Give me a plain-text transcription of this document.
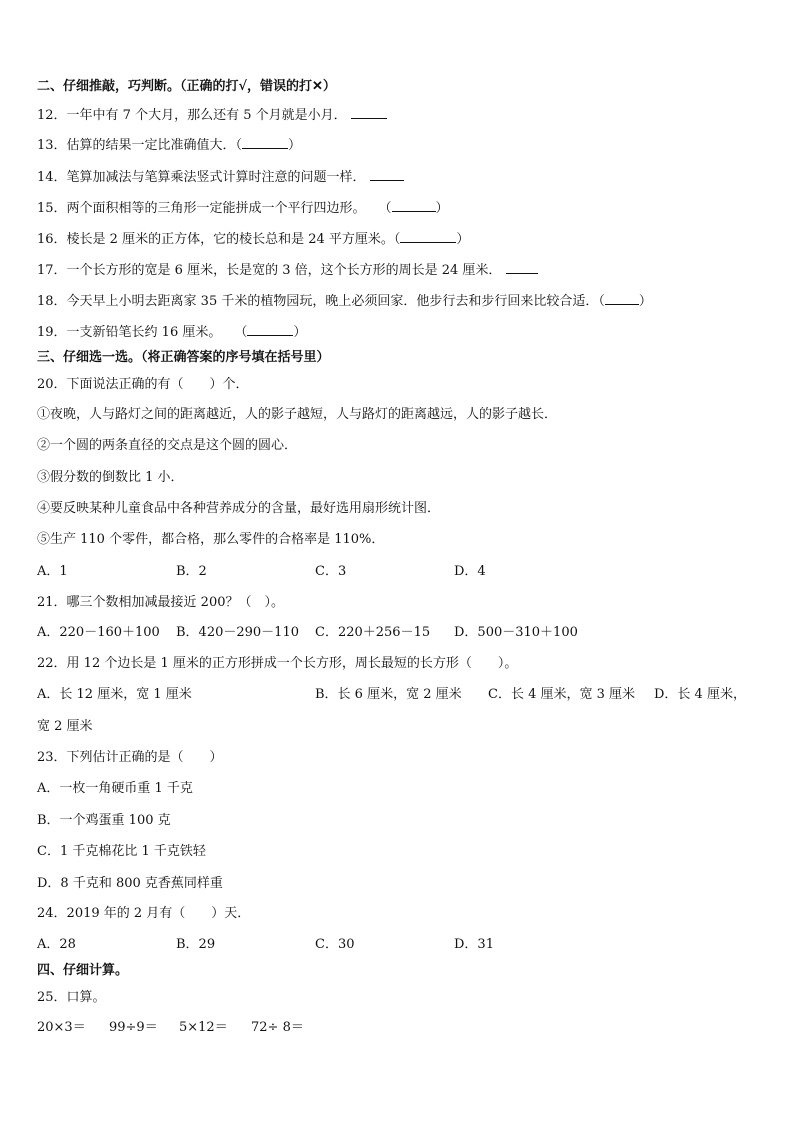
二、仔细推敲，巧判断。（正确的打√，错误的打✕）
12．一年中有 7 个大月，那么还有 5 个月就是小月．
13．估算的结果一定比准确值大．（	）
14．笔算加减法与笔算乘法竖式计算时注意的问题一样．
15．两个面积相等的三角形一定能拼成一个平行四边形。　　（	）
16．棱长是 2 厘米的正方体，它的棱长总和是 24 平方厘米。（	）
17．一个长方形的宽是 6 厘米，长是宽的 3 倍，这个长方形的周长是 24 厘米．
18．今天早上小明去距离家 35 千米的植物园玩，晚上必须回家．他步行去和步行回来比较合适．（	）
19．一支新铅笔长约 16 厘米。　　（	）
三、仔细选一选。（将正确答案的序号填在括号里）
20．下面说法正确的有（　　）个．
①夜晚，人与路灯之间的距离越近，人的影子越短，人与路灯的距离越远，人的影子越长．
②一个圆的两条直径的交点是这个圆的圆心．
③假分数的倒数比 1 小．
④要反映某种儿童食品中各种营养成分的含量，最好选用扇形统计图．
⑤生产 110 个零件，都合格，那么零件的合格率是 110%．
A．1	B．2	C．3	D．4
21．哪三个数相加减最接近 200？（　）。
A．220－160＋100 B．420－290－110 C．220＋256－15 D．500－310＋100
22．用 12 个边长是 1 厘米的正方形拼成一个长方形，周长最短的长方形（　　）。
A．长 12 厘米，宽 1 厘米	B．长 6 厘米，宽 2 厘米 C．长 4 厘米，宽 3 厘米 D．长 4 厘米，
宽 2 厘米
23．下列估计正确的是（　　）
A．一枚一角硬币重 1 千克
B．一个鸡蛋重 100 克
C．1 千克棉花比 1 千克铁轻
D．8 千克和 800 克香蕉同样重
24．2019 年的 2 月有（　　）天．
A．28	B．29	C．30	D．31
四、仔细计算。
25．口算。
20×3＝ 99÷9＝ 5×12＝ 72÷ 8＝
